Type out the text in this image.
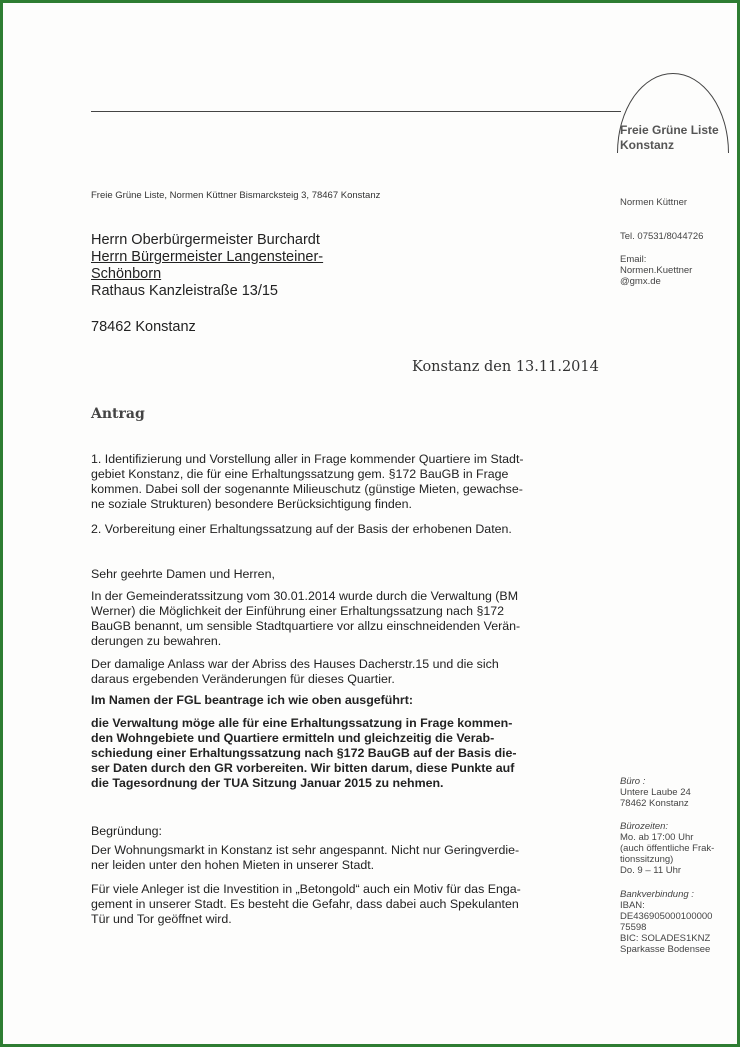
Freie Grüne Liste
Konstanz
Freie Grüne Liste, Normen Küttner Bismarcksteig 3, 78467 Konstanz
Normen Küttner
Tel. 07531/8044726
Email:
Normen.Kuettner
@gmx.de
Büro :
Untere Laube 24
78462 Konstanz
Bürozeiten:
Mo. ab 17:00 Uhr
(auch öffentliche Frak-
tionssitzung)
Do. 9 – 11 Uhr
Bankverbindung :
IBAN:
DE436905000100000
75598
BIC: SOLADES1KNZ
Sparkasse Bodensee
Herrn Oberbürgermeister Burchardt
Herrn Bürgermeister Langensteiner-
Schönborn
Rathaus Kanzleistraße 13/15
78462 Konstanz
Konstanz den 13.11.2014
Antrag
1. Identifizierung und Vorstellung aller in Frage kommender Quartiere im Stadt-
gebiet Konstanz, die für eine Erhaltungssatzung gem. §172 BauGB in Frage
kommen. Dabei soll der sogenannte Milieuschutz (günstige Mieten, gewachse-
ne soziale Strukturen) besondere Berücksichtigung finden.
2. Vorbereitung einer Erhaltungssatzung auf der Basis der erhobenen Daten.
Sehr geehrte Damen und Herren,
In der Gemeinderatssitzung vom 30.01.2014 wurde durch die Verwaltung (BM
Werner) die Möglichkeit der Einführung einer Erhaltungssatzung nach §172
BauGB benannt, um sensible Stadtquartiere vor allzu einschneidenden Verän-
derungen zu bewahren.
Der damalige Anlass war der Abriss des Hauses Dacherstr.15 und die sich
daraus ergebenden Veränderungen für dieses Quartier.
Im Namen der FGL beantrage ich wie oben ausgeführt:
die Verwaltung möge alle für eine Erhaltungssatzung in Frage kommen-
den Wohngebiete und Quartiere ermitteln und gleichzeitig die Verab-
schiedung einer Erhaltungssatzung nach §172 BauGB auf der Basis die-
ser Daten durch den GR vorbereiten. Wir bitten darum, diese Punkte auf
die Tagesordnung der TUA Sitzung Januar 2015 zu nehmen.
Begründung:
Der Wohnungsmarkt in Konstanz ist sehr angespannt. Nicht nur Geringverdie-
ner leiden unter den hohen Mieten in unserer Stadt.
Für viele Anleger ist die Investition in „Betongold“ auch ein Motiv für das Enga-
gement in unserer Stadt. Es besteht die Gefahr, dass dabei auch Spekulanten
Tür und Tor geöffnet wird.
